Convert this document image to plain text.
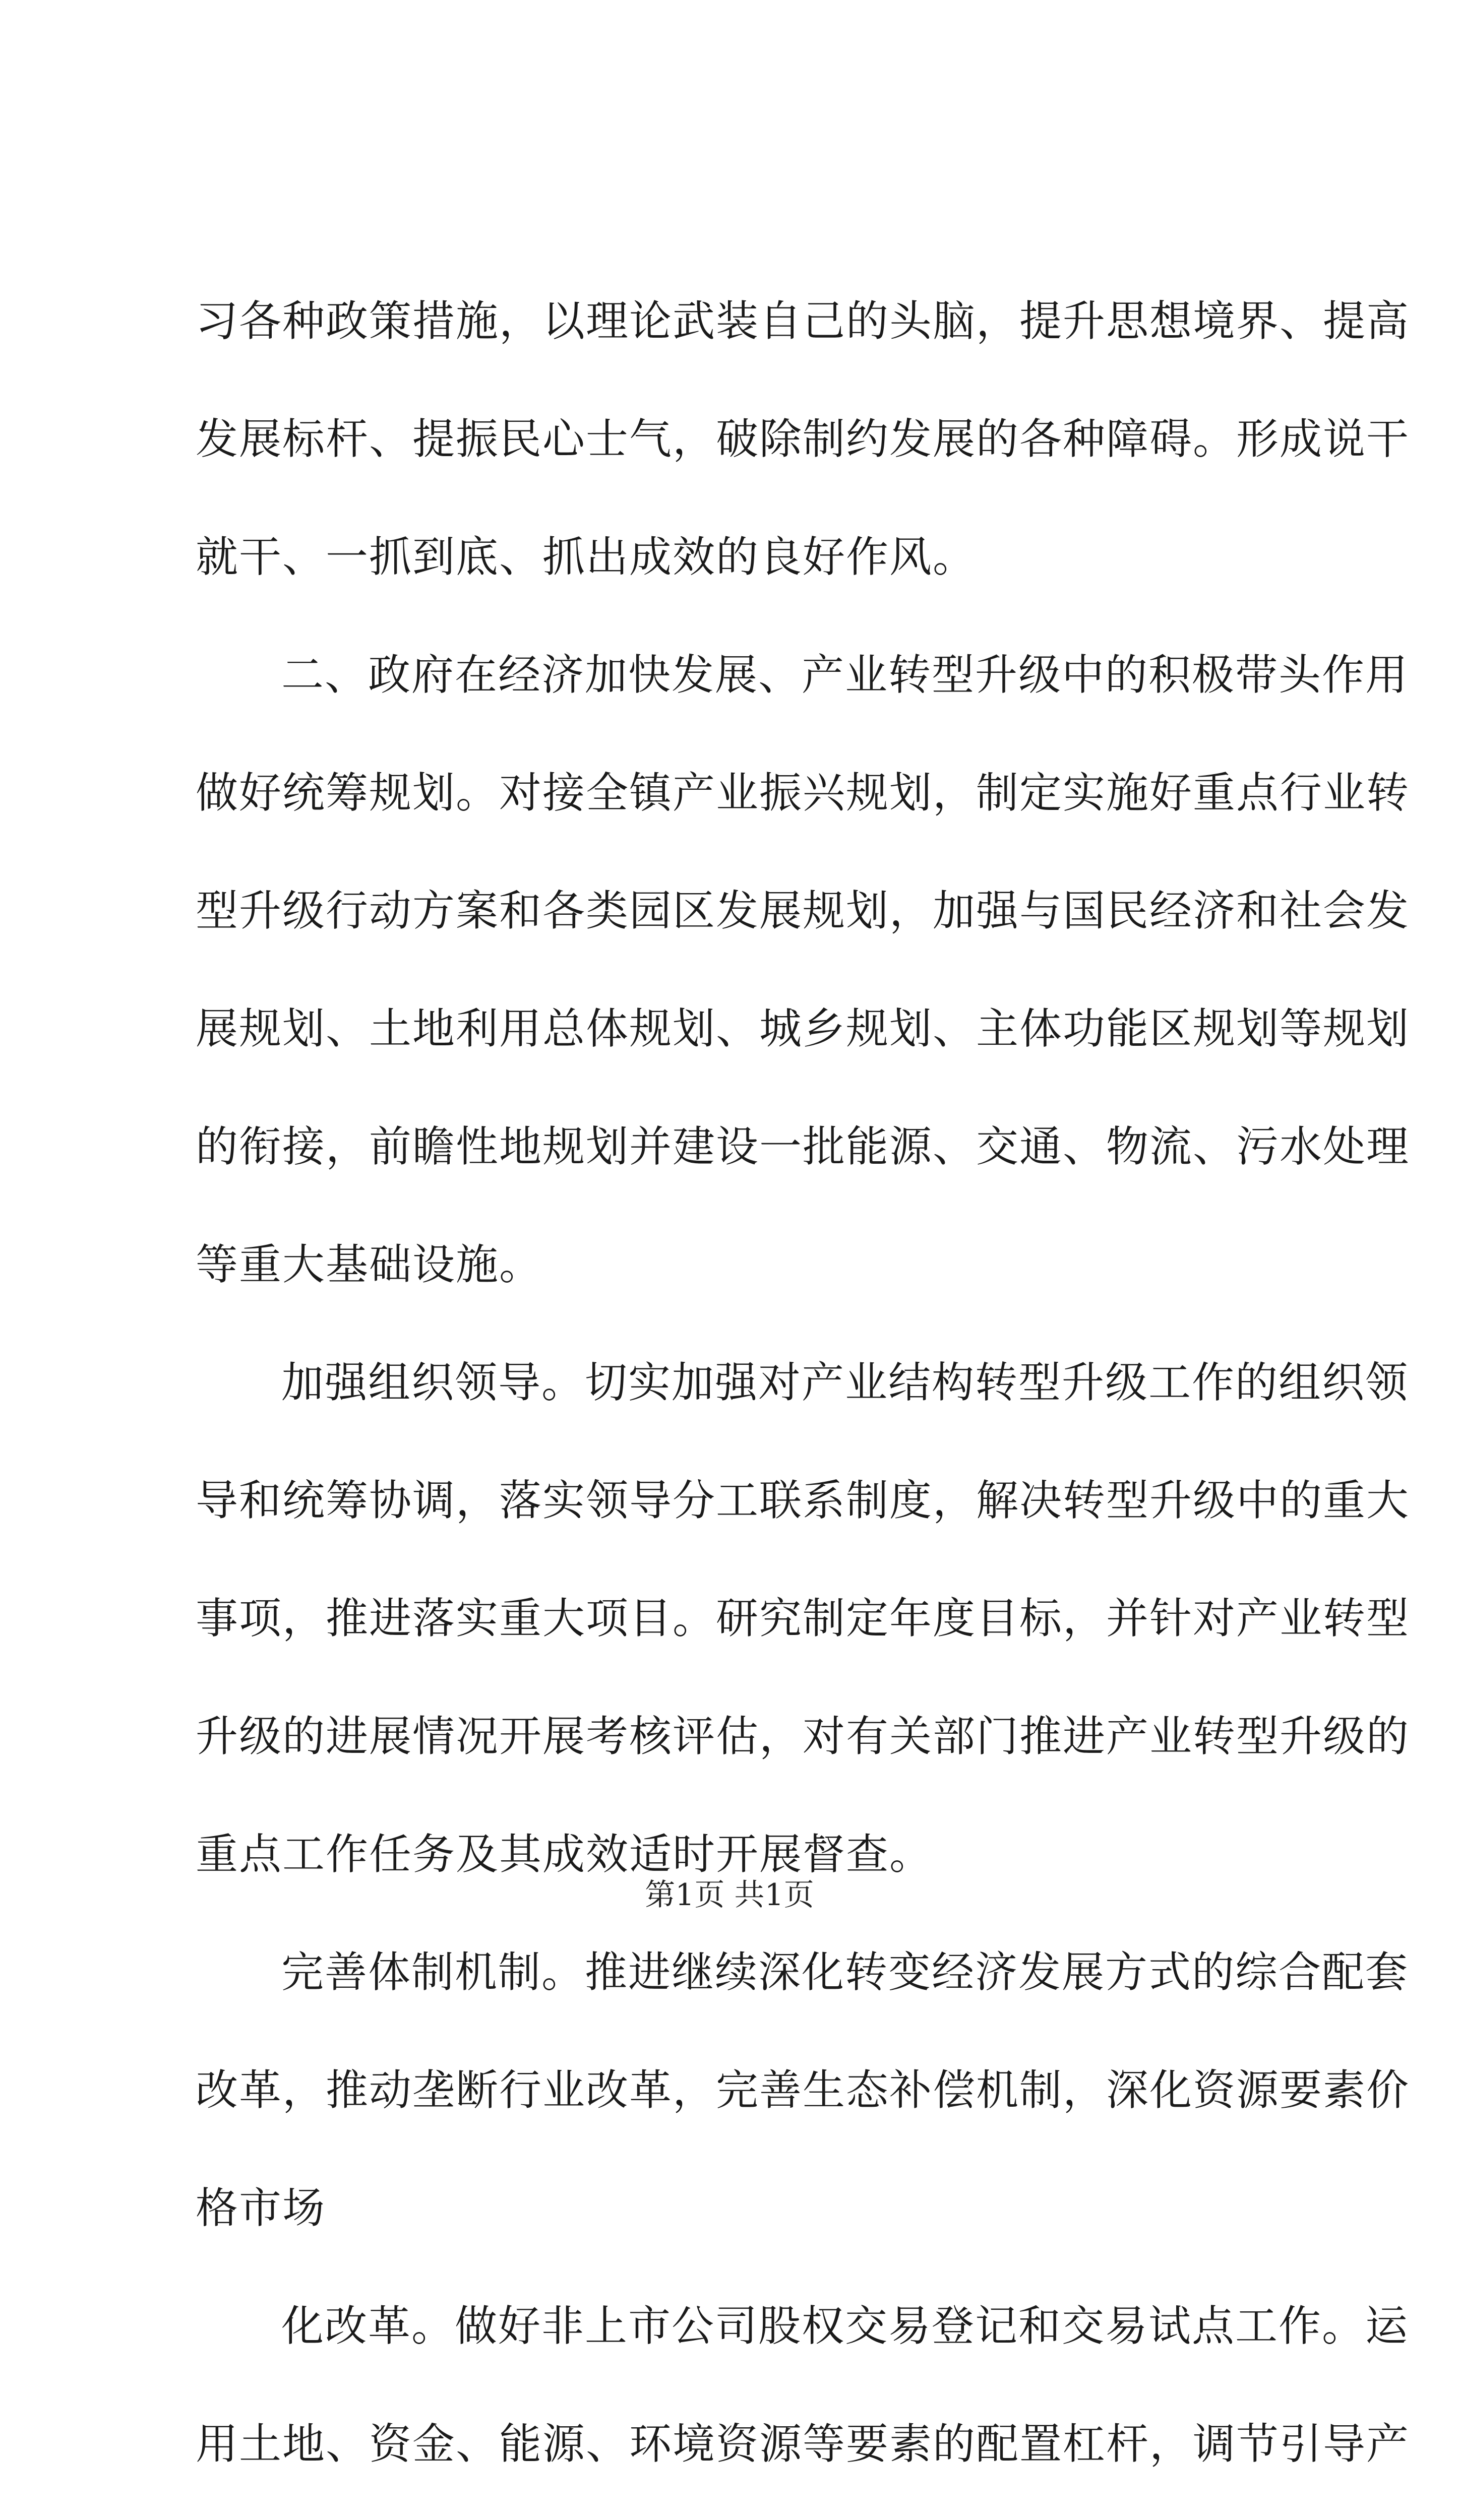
习各种政策措施，以理论武装自己的头脑，提升思想境界、提高
发展标杆、提振民心士气，破除制约发展的各种障碍。形成说干
就干、一抓到底、抓出成效的良好作风。
二、政府在经济加快发展、产业转型升级中的积极带头作用
做好统筹规划。对接全镇产业振兴规划，制定实施好重点行业转
型升级行动方案和各类园区发展规划，加强与国民经济和社会发
展规划、土地利用总体规划、城乡规划、主体功能区规划等规划
的衔接，前瞻性地规划并建设一批能源、交通、物流、污水处理
等重大基础设施。
加强组织领导。切实加强对产业结构转型升级工作的组织领
导和统筹协调，落实领导分工联系制度，解决转型升级中的重大
事项，推进落实重大项目。研究制定年度目标，并针对产业转型
升级的进展情况开展考核评估，对有关部门推进产业转型升级的
重点工作任务及其成效适时开展督查。
完善体制机制。推进继续深化转变经济发展方式的综合配套
改革，推动垄断行业改革，完善生态补偿机制，深化资源要素价
格市场
化改革。做好非上市公司股权交易登记和交易试点工作。运
用土地、资金、能源、环境资源等要素的配置杠杆，调节引导产
第1页 共1页
